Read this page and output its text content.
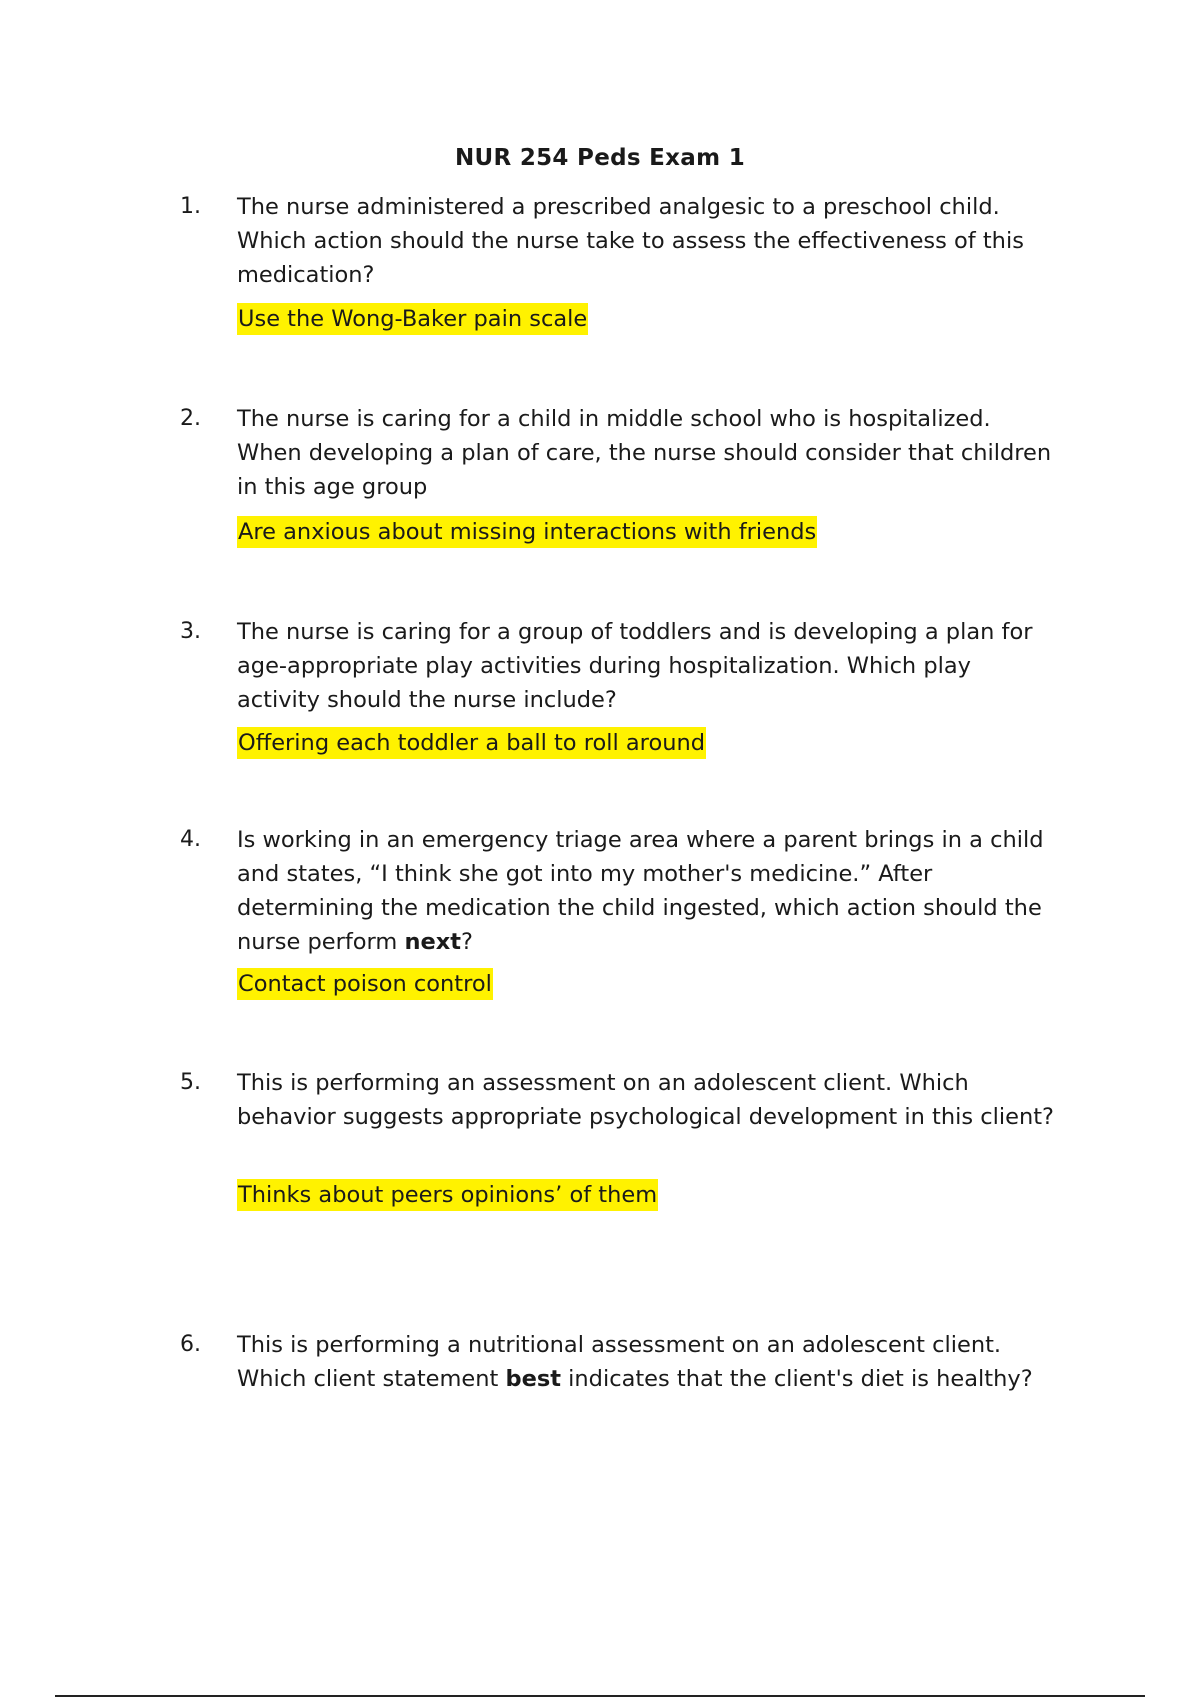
NUR 254 Peds Exam 1
1. The nurse administered a prescribed analgesic to a preschool child. Which action should the nurse take to assess the effectiveness of this medication?
Use the Wong-Baker pain scale
2. The nurse is caring for a child in middle school who is hospitalized. When developing a plan of care, the nurse should consider that children in this age group
Are anxious about missing interactions with friends
3. The nurse is caring for a group of toddlers and is developing a plan for age-appropriate play activities during hospitalization. Which play activity should the nurse include?
Offering each toddler a ball to roll around
4. Is working in an emergency triage area where a parent brings in a child and states, “I think she got into my mother's medicine.” After determining the medication the child ingested, which action should the nurse perform next?
Contact poison control
5. This is performing an assessment on an adolescent client. Which behavior suggests appropriate psychological development in this client?
Thinks about peers opinions’ of them
6. This is performing a nutritional assessment on an adolescent client. Which client statement best indicates that the client's diet is healthy?
